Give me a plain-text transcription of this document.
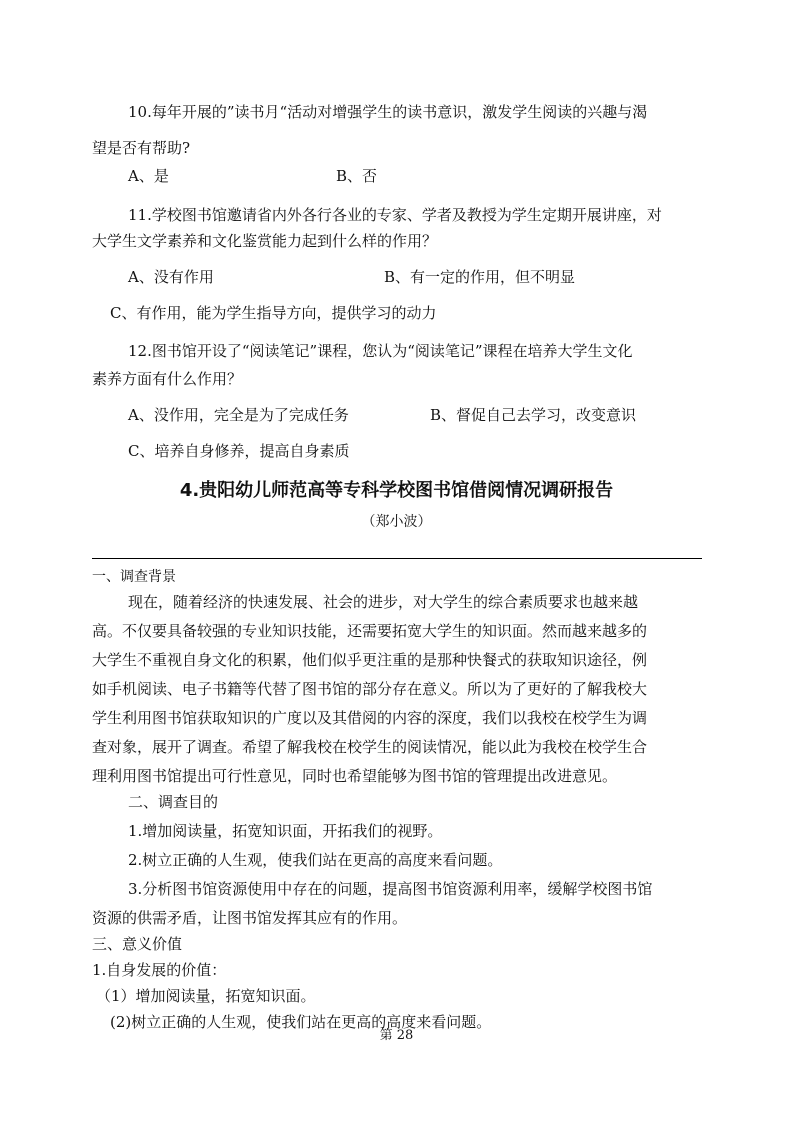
10.每年开展的”读书月“活动对增强学生的读书意识，激发学生阅读的兴趣与渴
望是否有帮助?
A、是	B、否
11.学校图书馆邀请省内外各行各业的专家、学者及教授为学生定期开展讲座，对
大学生文学素养和文化鉴赏能力起到什么样的作用？
A、没有作用	B、有一定的作用，但不明显
C、有作用，能为学生指导方向，提供学习的动力
12.图书馆开设了“阅读笔记”课程，您认为“阅读笔记”课程在培养大学生文化
素养方面有什么作用？
A、没作用，完全是为了完成任务	B、督促自己去学习，改变意识
C、培养自身修养，提高自身素质
4.贵阳幼儿师范高等专科学校图书馆借阅情况调研报告
（郑小波）
一、调查背景
现在，随着经济的快速发展、社会的进步，对大学生的综合素质要求也越来越
高。不仅要具备较强的专业知识技能，还需要拓宽大学生的知识面。然而越来越多的
大学生不重视自身文化的积累，他们似乎更注重的是那种快餐式的获取知识途径，例
如手机阅读、电子书籍等代替了图书馆的部分存在意义。所以为了更好的了解我校大
学生利用图书馆获取知识的广度以及其借阅的内容的深度，我们以我校在校学生为调
查对象，展开了调查。希望了解我校在校学生的阅读情况，能以此为我校在校学生合
理利用图书馆提出可行性意见，同时也希望能够为图书馆的管理提出改进意见。
二、调查目的
1.增加阅读量，拓宽知识面，开拓我们的视野。
2.树立正确的人生观，使我们站在更高的高度来看问题。
3.分析图书馆资源使用中存在的问题，提高图书馆资源利用率，缓解学校图书馆
资源的供需矛盾，让图书馆发挥其应有的作用。
三、意义价值
1.自身发展的价值：
（1）增加阅读量，拓宽知识面。
(2)树立正确的人生观，使我们站在更高的高度来看问题。
第 28
